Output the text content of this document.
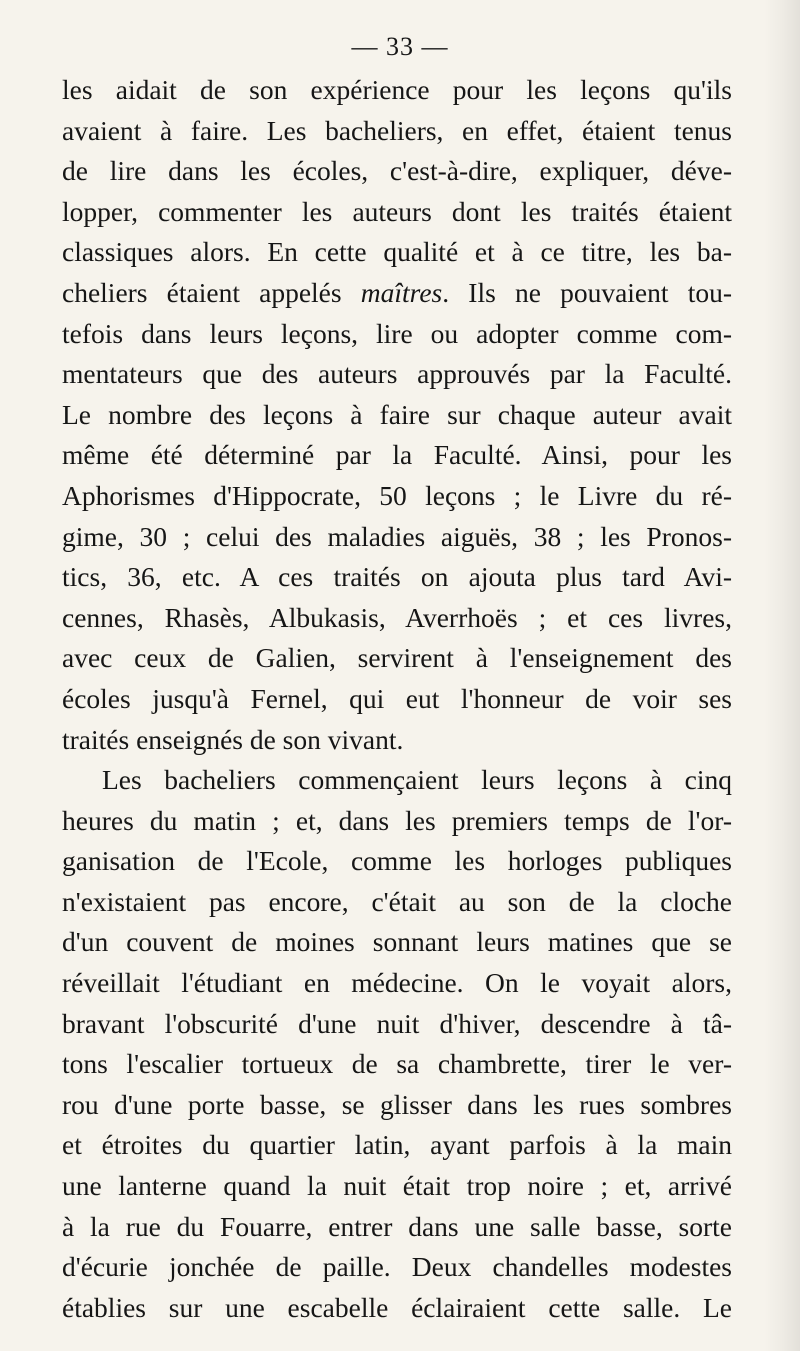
— 33 —
les aidait de son expérience pour les leçons qu'ils
avaient à faire. Les bacheliers, en effet, étaient tenus
de lire dans les écoles, c'est-à-dire, expliquer, déve-
lopper, commenter les auteurs dont les traités étaient
classiques alors. En cette qualité et à ce titre, les ba-
cheliers étaient appelés maîtres. Ils ne pouvaient tou-
tefois dans leurs leçons, lire ou adopter comme com-
mentateurs que des auteurs approuvés par la Faculté.
Le nombre des leçons à faire sur chaque auteur avait
même été déterminé par la Faculté. Ainsi, pour les
Aphorismes d'Hippocrate, 50 leçons ; le Livre du ré-
gime, 30 ; celui des maladies aiguës, 38 ; les Pronos-
tics, 36, etc. A ces traités on ajouta plus tard Avi-
cennes, Rhasès, Albukasis, Averrhoës ; et ces livres,
avec ceux de Galien, servirent à l'enseignement des
écoles jusqu'à Fernel, qui eut l'honneur de voir ses
traités enseignés de son vivant.
Les bacheliers commençaient leurs leçons à cinq
heures du matin ; et, dans les premiers temps de l'or-
ganisation de l'Ecole, comme les horloges publiques
n'existaient pas encore, c'était au son de la cloche
d'un couvent de moines sonnant leurs matines que se
réveillait l'étudiant en médecine. On le voyait alors,
bravant l'obscurité d'une nuit d'hiver, descendre à tâ-
tons l'escalier tortueux de sa chambrette, tirer le ver-
rou d'une porte basse, se glisser dans les rues sombres
et étroites du quartier latin, ayant parfois à la main
une lanterne quand la nuit était trop noire ; et, arrivé
à la rue du Fouarre, entrer dans une salle basse, sorte
d'écurie jonchée de paille. Deux chandelles modestes
établies sur une escabelle éclairaient cette salle. Le
